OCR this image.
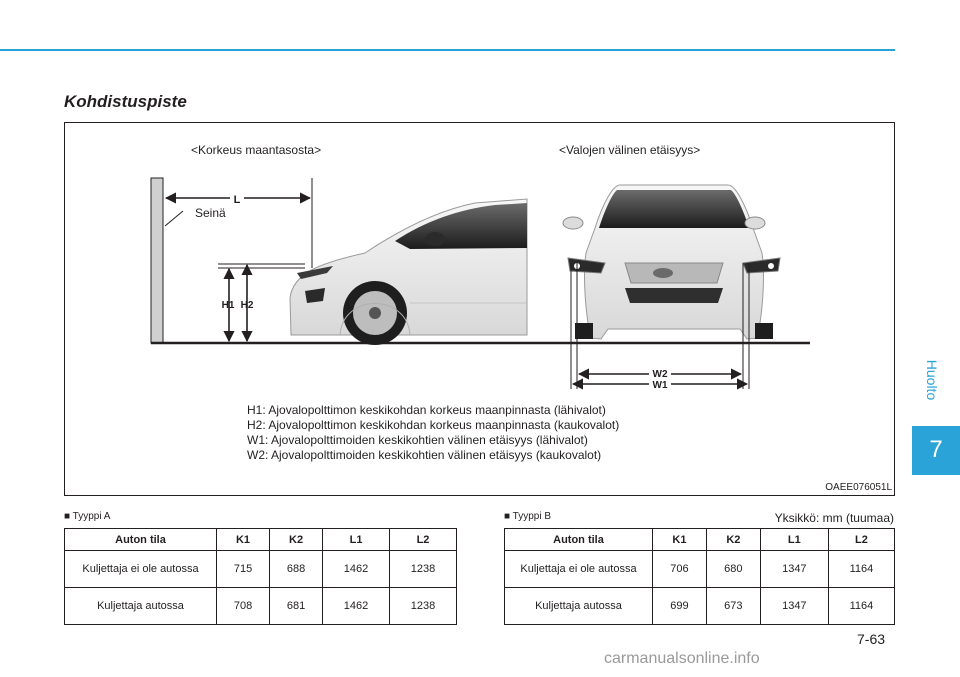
Kohdistuspiste
Huolto
7
L
H1 H2
W2
W1
<Korkeus maantasosta>	<Valojen välinen etäisyys>
Seinä
H1: Ajovalopolttimon keskikohdan korkeus maanpinnasta (lähivalot)
H2: Ajovalopolttimon keskikohdan korkeus maanpinnasta (kaukovalot)
W1: Ajovalopolttimoiden keskikohtien välinen etäisyys (lähivalot)
W2: Ajovalopolttimoiden keskikohtien välinen etäisyys (kaukovalot)
OAEE076051L
■ Tyyppi A	■ Tyyppi B	Yksikkö: mm (tuumaa)
Auton tila	K1	K2	L1	L2
Kuljettaja ei ole autossa	715	688	1462	1238
Kuljettaja autossa	708	681	1462	1238
Auton tila	K1	K2	L1	L2
Kuljettaja ei ole autossa	706	680	1347	1164
Kuljettaja autossa	699	673	1347	1164
7-63
carmanualsonline.info
